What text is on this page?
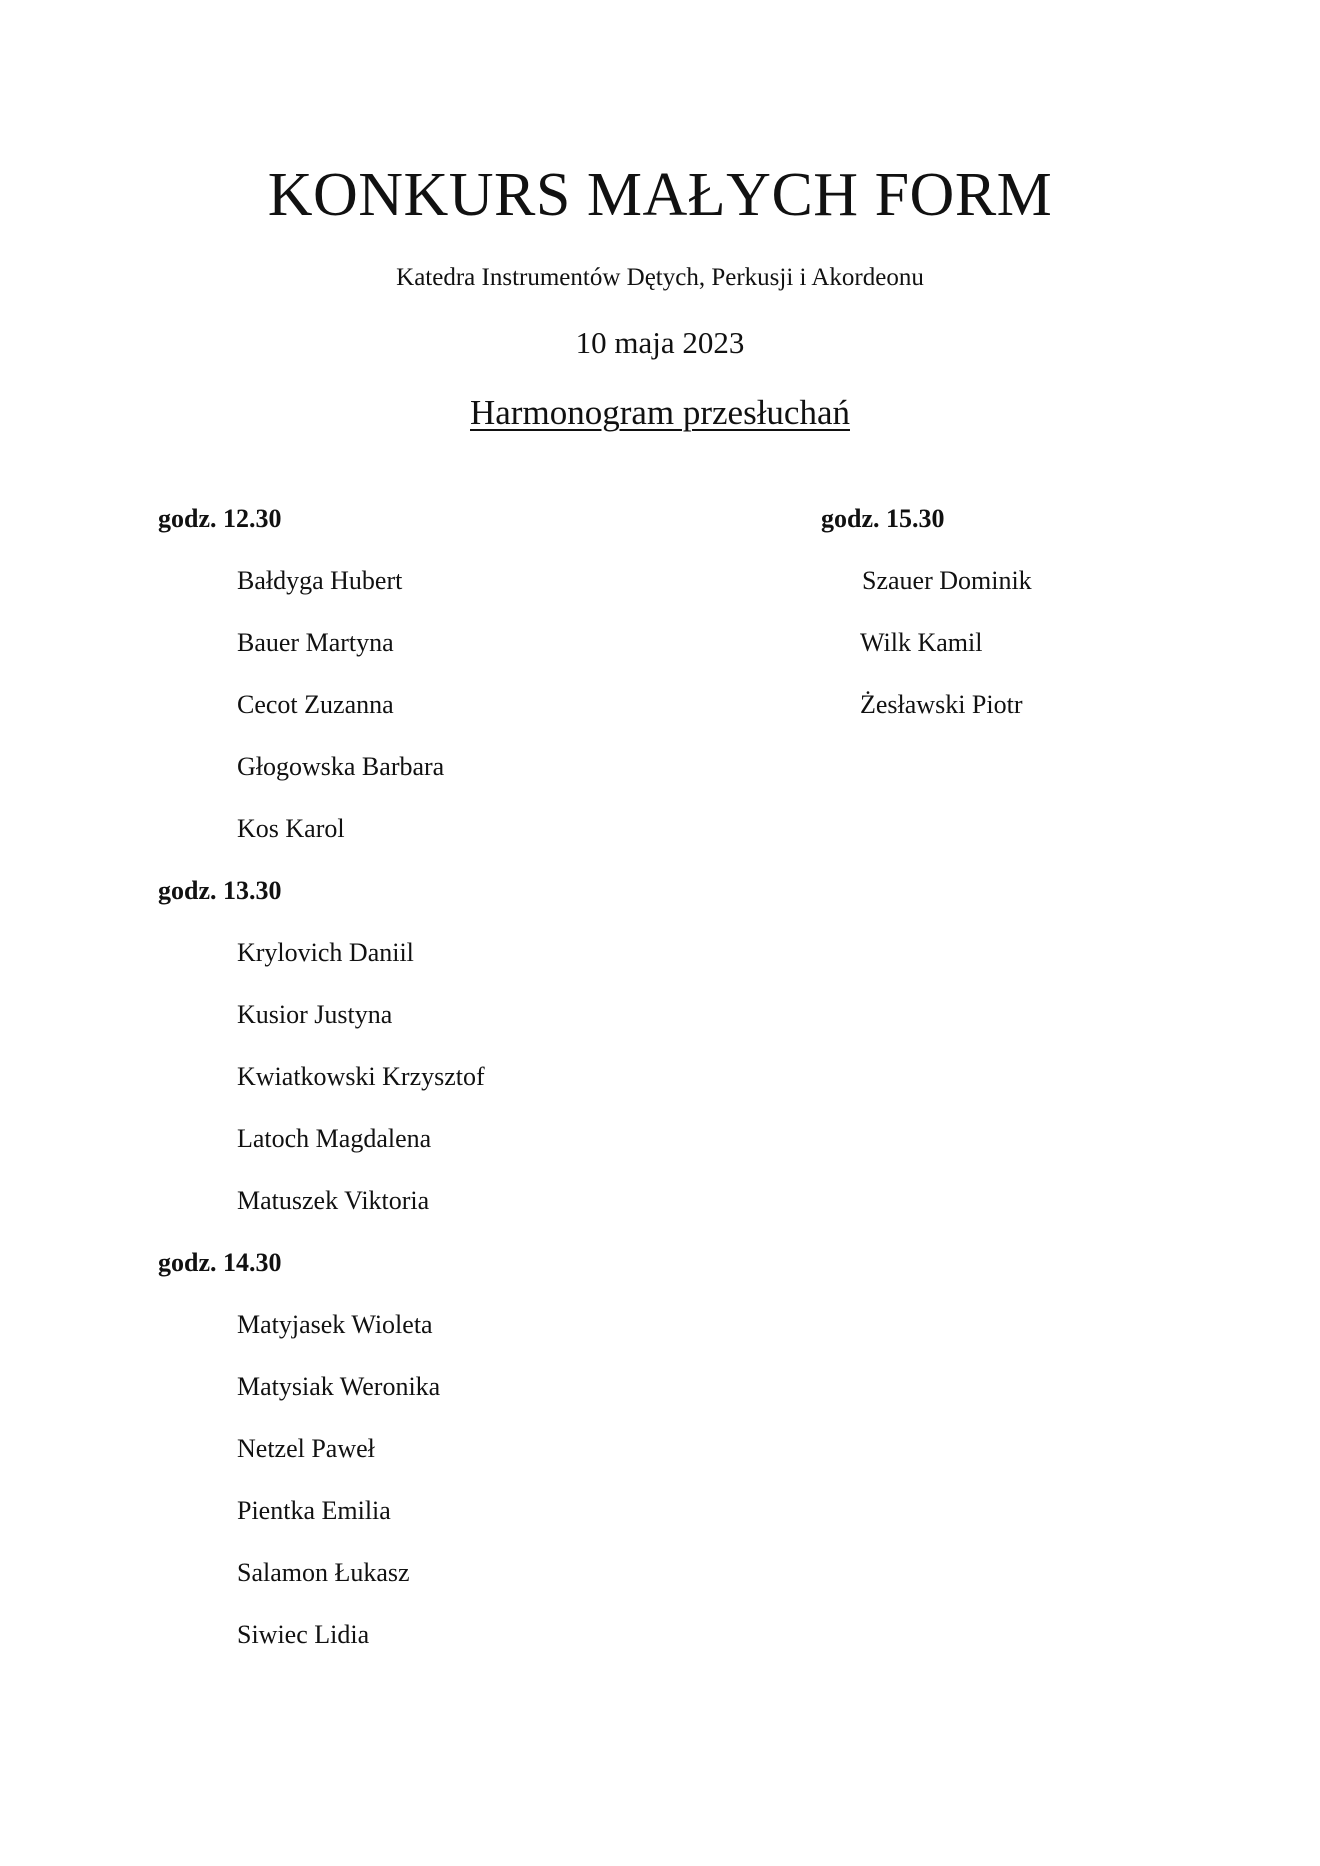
KONKURS MAŁYCH FORM

Katedra Instrumentów Dętych, Perkusji i Akordeonu

10 maja 2023

Harmonogram przesłuchań

godz. 12.30
Bałdyga Hubert
Bauer Martyna
Cecot Zuzanna
Głogowska Barbara
Kos Karol
godz. 13.30
Krylovich Daniil
Kusior Justyna
Kwiatkowski Krzysztof
Latoch Magdalena
Matuszek Viktoria
godz. 14.30
Matyjasek Wioleta
Matysiak Weronika
Netzel Paweł
Pientka Emilia
Salamon Łukasz
Siwiec Lidia
godz. 15.30
Szauer Dominik
Wilk Kamil
Żesławski Piotr
